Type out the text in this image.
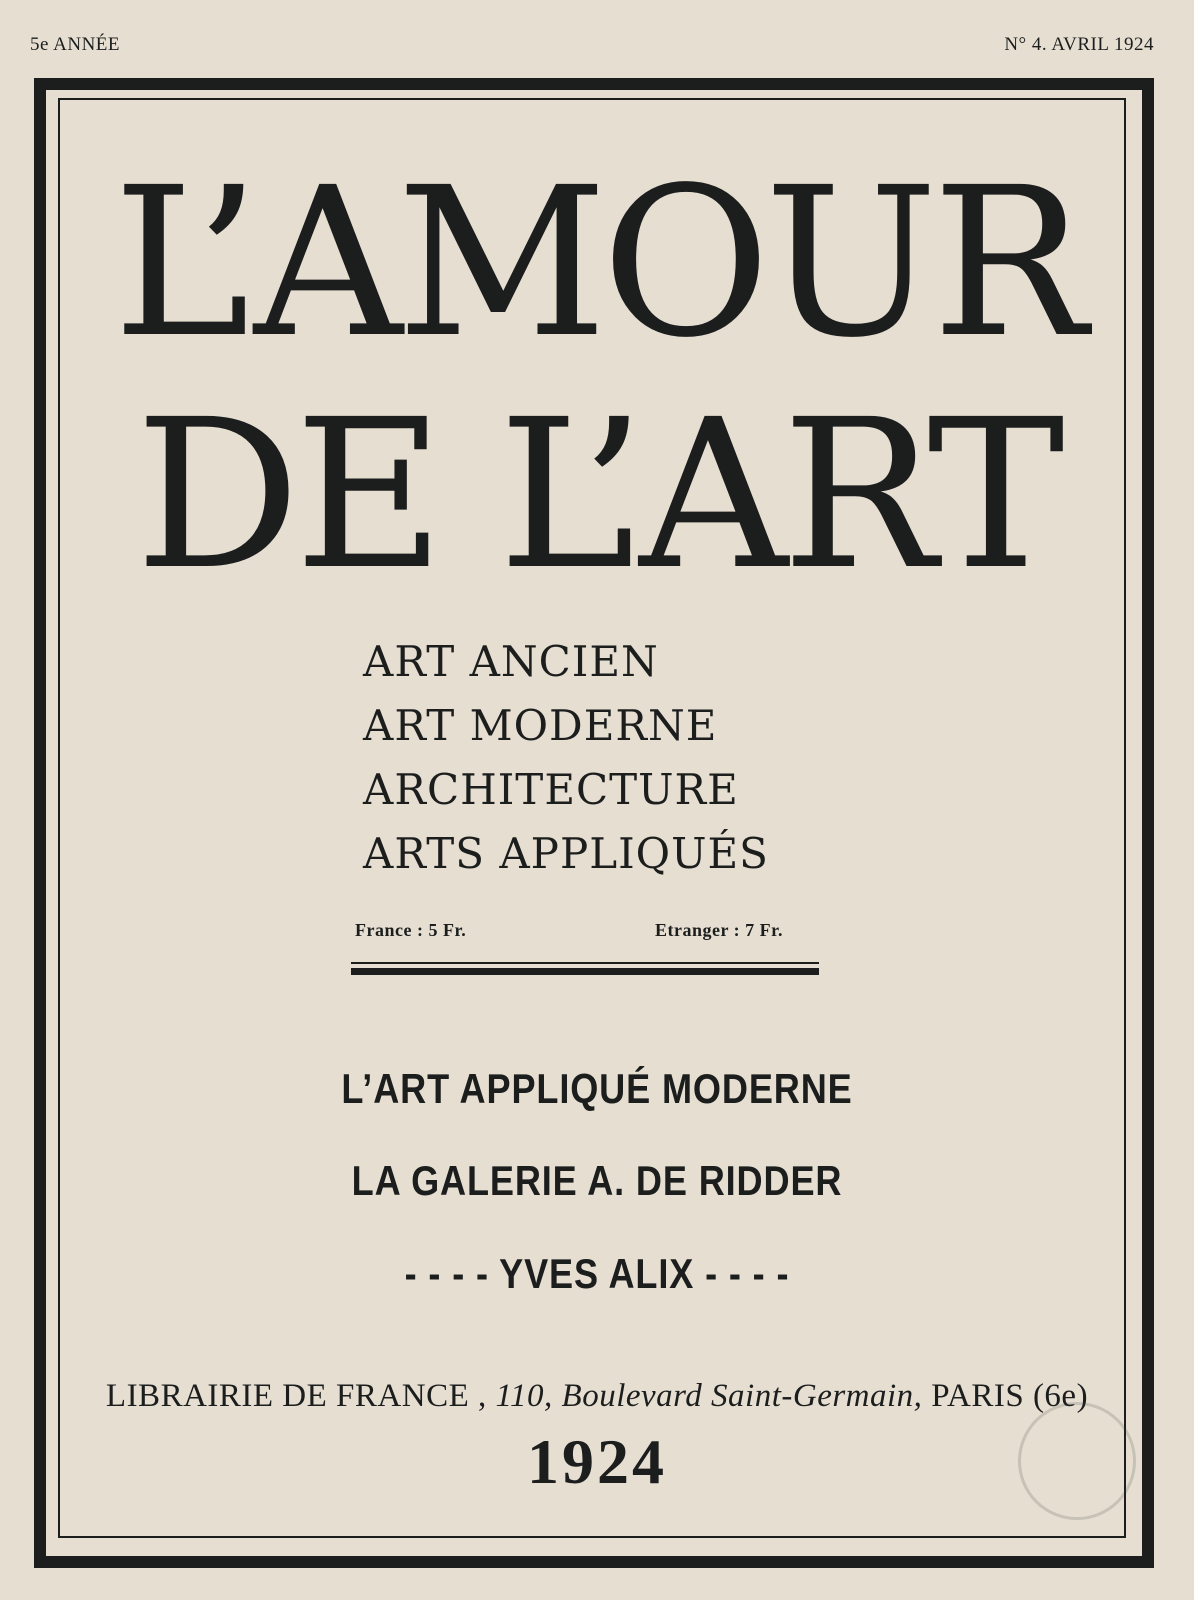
5e ANNÉE	N° 4. AVRIL 1924
L’AMOUR
DE L’ART
ART ANCIEN
ART MODERNE
ARCHITECTURE
ARTS APPLIQUÉS
France : 5 Fr.	Etranger : 7 Fr.
L’ART APPLIQUÉ MODERNE
LA GALERIE A. DE RIDDER
- - - - YVES ALIX - - - -
LIBRAIRIE DE FRANCE , 110, Boulevard Saint-Germain, PARIS (6e)
1924
